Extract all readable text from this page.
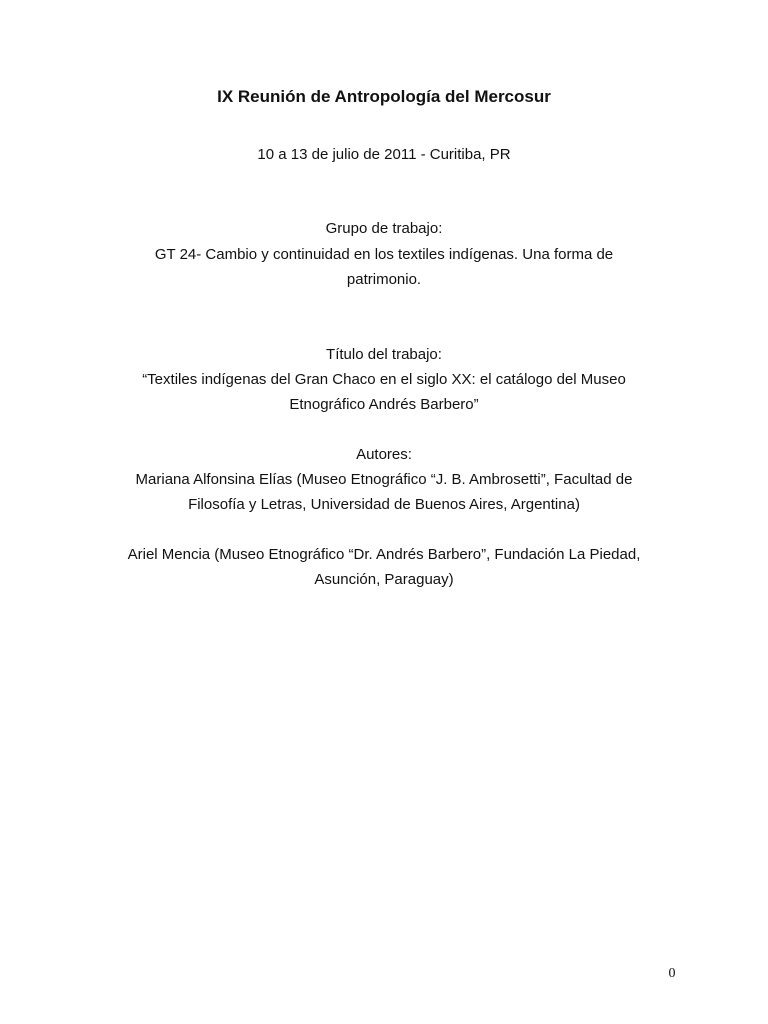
IX Reunión de Antropología del Mercosur
10 a 13 de julio de 2011 - Curitiba, PR
Grupo de trabajo:
GT 24- Cambio y continuidad en los textiles indígenas. Una forma de
patrimonio.
Título del trabajo:
“Textiles indígenas del Gran Chaco en el siglo XX: el catálogo del Museo
Etnográfico Andrés Barbero”
Autores:
Mariana Alfonsina Elías (Museo Etnográfico “J. B. Ambrosetti”, Facultad de
Filosofía y Letras, Universidad de Buenos Aires, Argentina)
Ariel Mencia (Museo Etnográfico “Dr. Andrés Barbero”, Fundación La Piedad,
Asunción, Paraguay)
0
